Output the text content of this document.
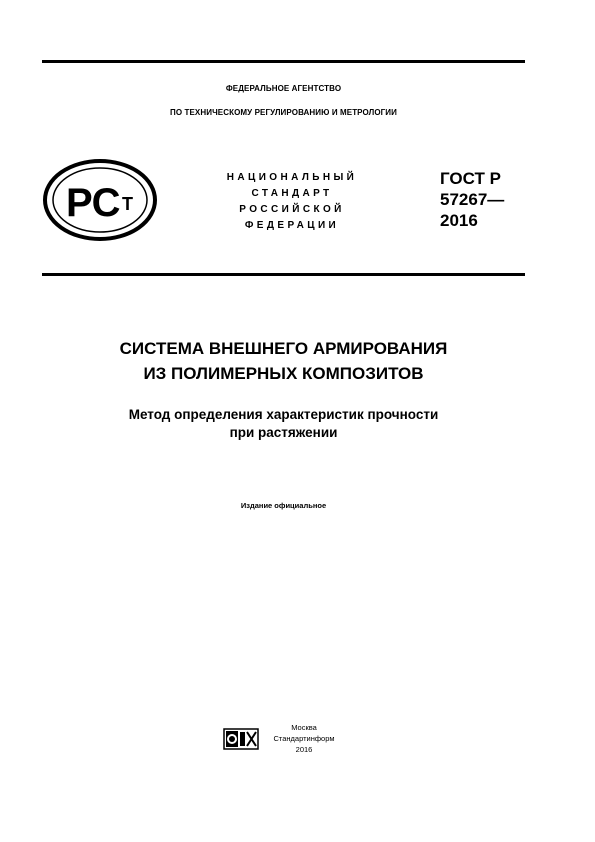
ФЕДЕРАЛЬНОЕ АГЕНТСТВО
ПО ТЕХНИЧЕСКОМУ РЕГУЛИРОВАНИЮ И МЕТРОЛОГИИ
РС Т
НАЦИОНАЛЬНЫЙ
СТАНДАРТ
РОССИЙСКОЙ
ФЕДЕРАЦИИ
ГОСТ Р
57267—
2016
СИСТЕМА ВНЕШНЕГО АРМИРОВАНИЯ
ИЗ ПОЛИМЕРНЫХ КОМПОЗИТОВ
Метод определения характеристик прочности
при растяжении
Издание официальное
Москва
Стандартинформ
2016
